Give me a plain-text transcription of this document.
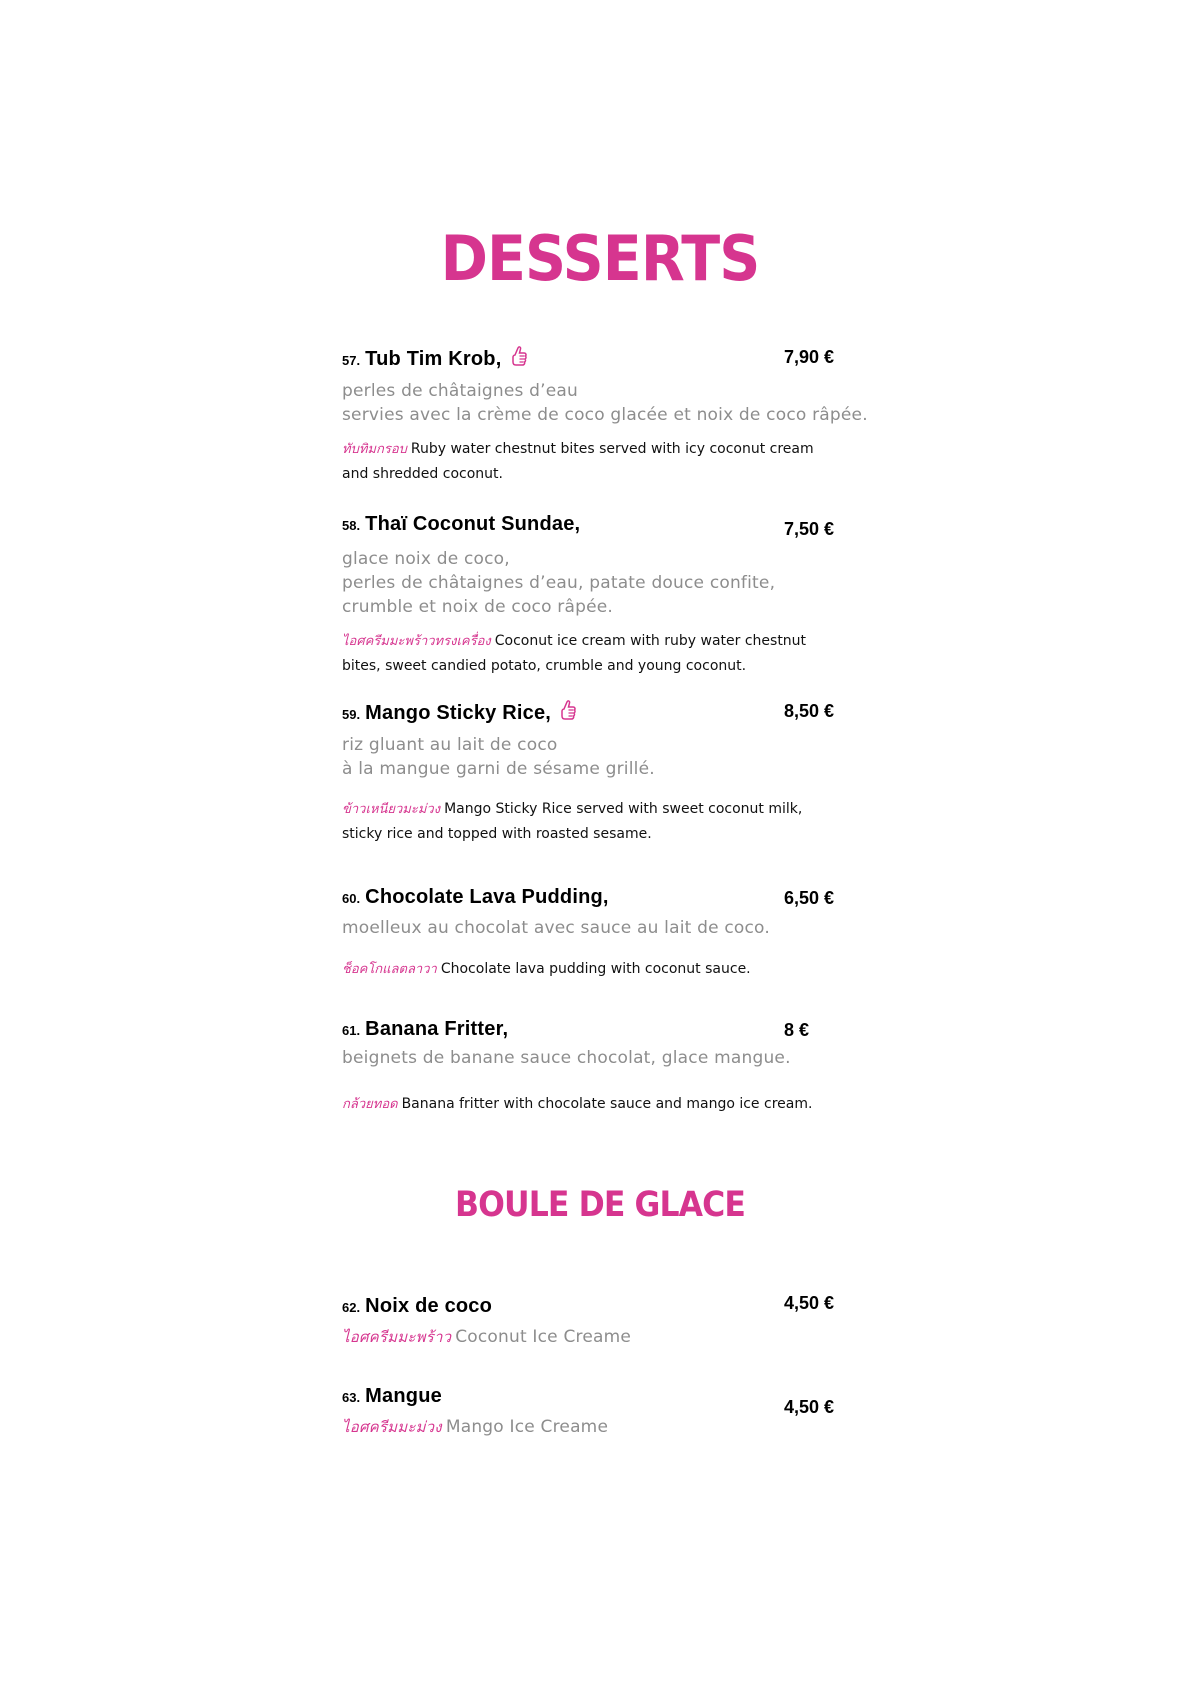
DESSERTS
57. Tub Tim Krob,	7,90 €
perles de châtaignes d’eau
servies avec la crème de coco glacée et noix de coco râpée.
ทับทิมกรอบ Ruby water chestnut bites served with icy coconut cream
and shredded coconut.
58. Thaï Coconut Sundae,	7,50 €
glace noix de coco,
perles de châtaignes d’eau, patate douce confite,
crumble et noix de coco râpée.
ไอศครีมมะพร้าวทรงเครื่อง Coconut ice cream with ruby water chestnut
bites, sweet candied potato, crumble and young coconut.
59. Mango Sticky Rice,	8,50 €
riz gluant au lait de coco
à la mangue garni de sésame grillé.
ข้าวเหนียวมะม่วง Mango Sticky Rice served with sweet coconut milk,
sticky rice and topped with roasted sesame.
60. Chocolate Lava Pudding,	6,50 €
moelleux au chocolat avec sauce au lait de coco.
ช็อคโกแลตลาวา Chocolate lava pudding with coconut sauce.
61. Banana Fritter,	8 €
beignets de banane sauce chocolat, glace mangue.
กล้วยทอด Banana fritter with chocolate sauce and mango ice cream.
BOULE DE GLACE
62. Noix de coco	4,50 €
ไอศครีมมะพร้าว Coconut Ice Creame
63. Mangue	4,50 €
ไอศครีมมะม่วง Mango Ice Creame
